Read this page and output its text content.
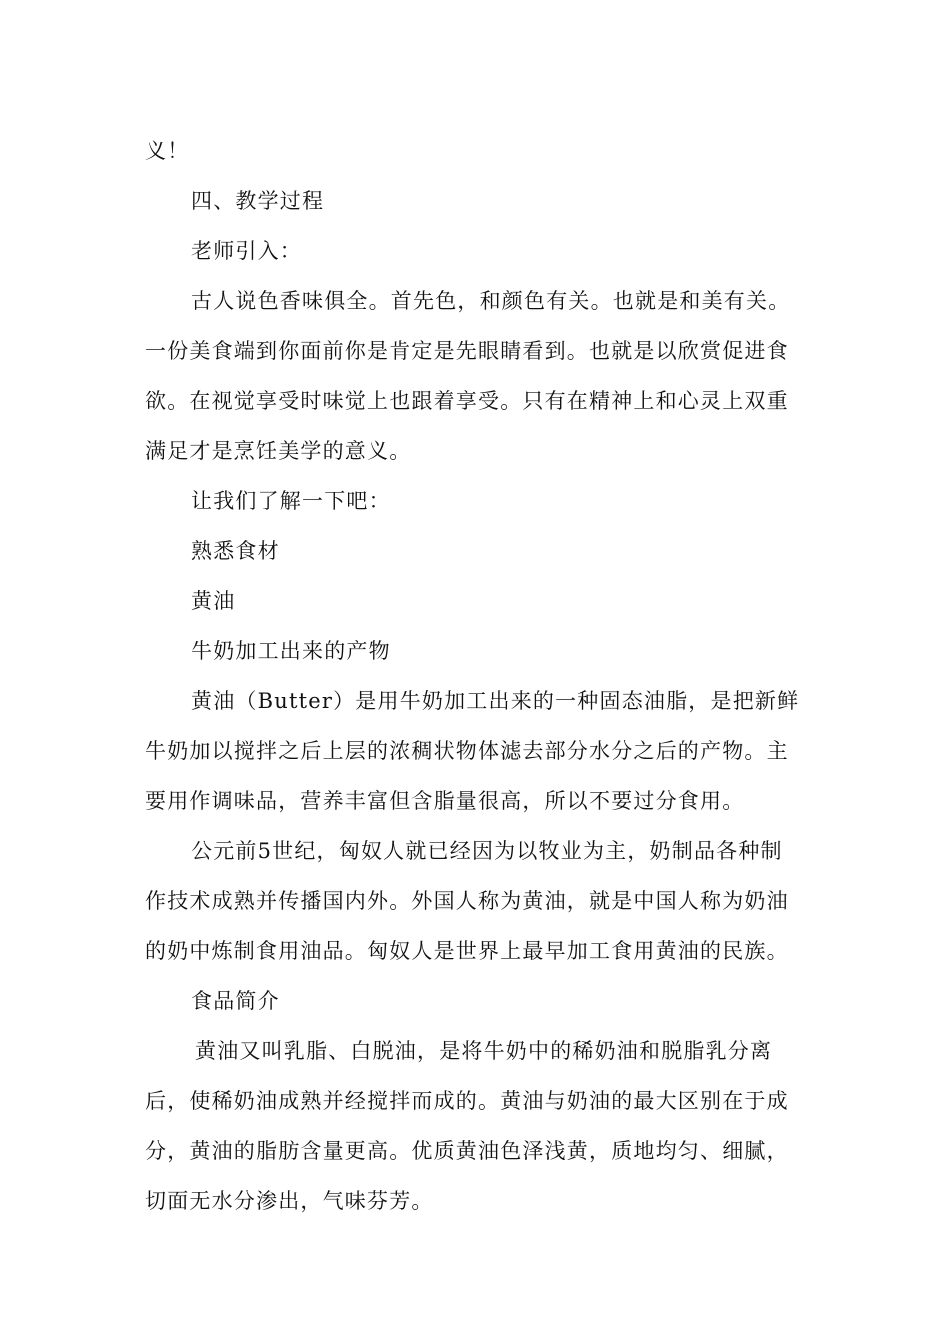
义！
四、教学过程
老师引入：
古人说色香味俱全。首先色，和颜色有关。也就是和美有关。
一份美食端到你面前你是肯定是先眼睛看到。也就是以欣赏促进食
欲。在视觉享受时味觉上也跟着享受。只有在精神上和心灵上双重
满足才是烹饪美学的意义。
让我们了解一下吧：
熟悉食材
黄油
牛奶加工出来的产物
黄油（Butter）是用牛奶加工出来的一种固态油脂，是把新鲜
牛奶加以搅拌之后上层的浓稠状物体滤去部分水分之后的产物。主
要用作调味品，营养丰富但含脂量很高，所以不要过分食用。
公元前5世纪，匈奴人就已经因为以牧业为主，奶制品各种制
作技术成熟并传播国内外。外国人称为黄油，就是中国人称为奶油
的奶中炼制食用油品。匈奴人是世界上最早加工食用黄油的民族。
食品简介
黄油又叫乳脂、白脱油，是将牛奶中的稀奶油和脱脂乳分离
后，使稀奶油成熟并经搅拌而成的。黄油与奶油的最大区别在于成
分，黄油的脂肪含量更高。优质黄油色泽浅黄，质地均匀、细腻，
切面无水分渗出，气味芬芳。
